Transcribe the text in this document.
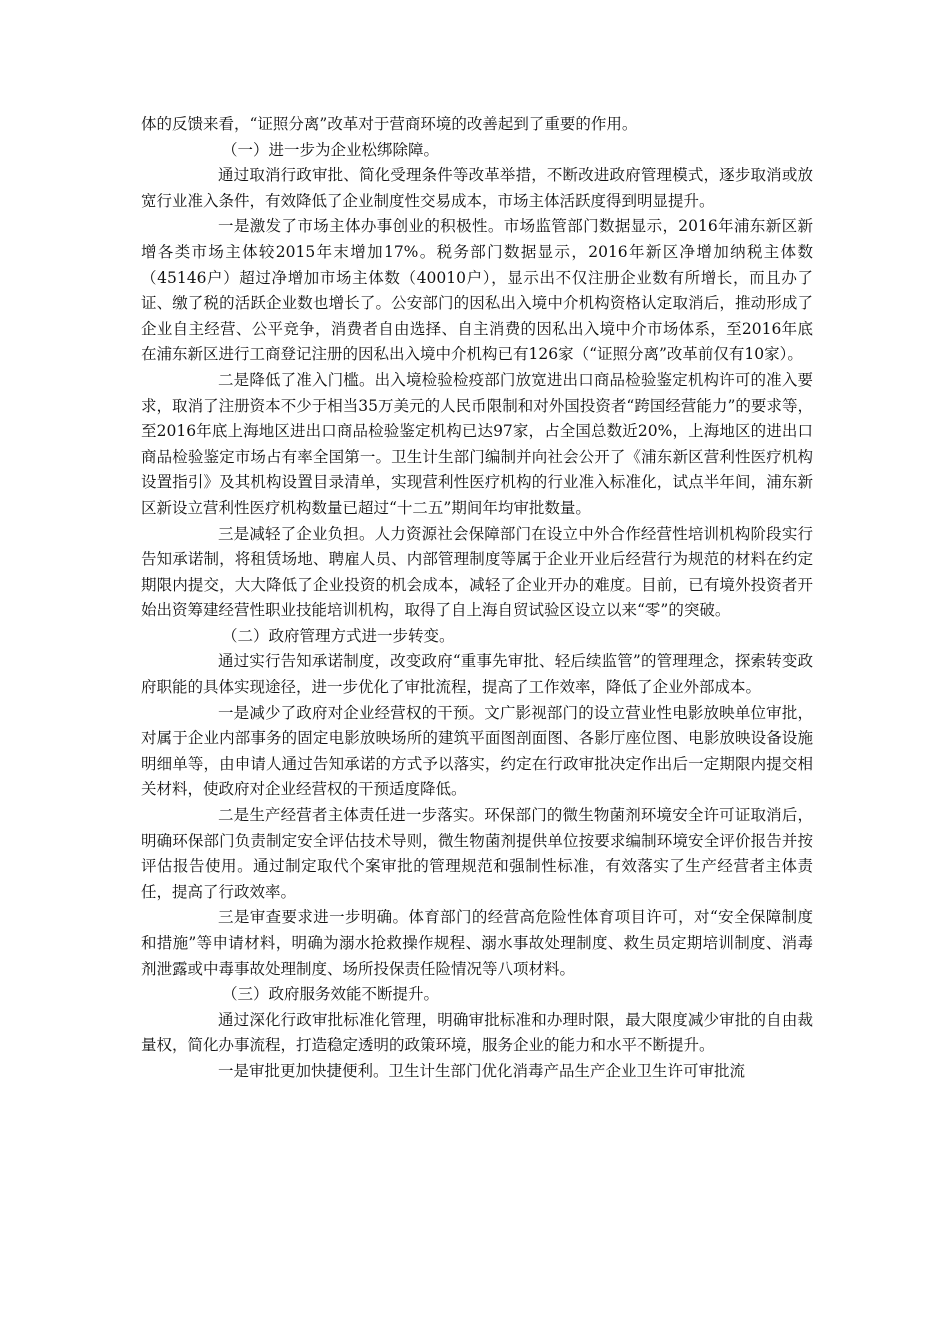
体的反馈来看，“证照分离”改革对于营商环境的改善起到了重要的作用。

（一）进一步为企业松绑除障。

通过取消行政审批、简化受理条件等改革举措，不断改进政府管理模式，逐步取消或放宽行业准入条件，有效降低了企业制度性交易成本，市场主体活跃度得到明显提升。

一是激发了市场主体办事创业的积极性。市场监管部门数据显示，2016年浦东新区新增各类市场主体较2015年末增加17%。税务部门数据显示，2016年新区净增加纳税主体数（45146户）超过净增加市场主体数（40010户），显示出不仅注册企业数有所增长，而且办了证、缴了税的活跃企业数也增长了。公安部门的因私出入境中介机构资格认定取消后，推动形成了企业自主经营、公平竞争，消费者自由选择、自主消费的因私出入境中介市场体系，至2016年底在浦东新区进行工商登记注册的因私出入境中介机构已有126家（“证照分离”改革前仅有10家）。

二是降低了准入门槛。出入境检验检疫部门放宽进出口商品检验鉴定机构许可的准入要求，取消了注册资本不少于相当35万美元的人民币限制和对外国投资者“跨国经营能力”的要求等，至2016年底上海地区进出口商品检验鉴定机构已达97家，占全国总数近20%，上海地区的进出口商品检验鉴定市场占有率全国第一。卫生计生部门编制并向社会公开了《浦东新区营利性医疗机构设置指引》及其机构设置目录清单，实现营利性医疗机构的行业准入标准化，试点半年间，浦东新区新设立营利性医疗机构数量已超过“十二五”期间年均审批数量。

三是减轻了企业负担。人力资源社会保障部门在设立中外合作经营性培训机构阶段实行告知承诺制，将租赁场地、聘雇人员、内部管理制度等属于企业开业后经营行为规范的材料在约定期限内提交，大大降低了企业投资的机会成本，减轻了企业开办的难度。目前，已有境外投资者开始出资筹建经营性职业技能培训机构，取得了自上海自贸试验区设立以来“零”的突破。

（二）政府管理方式进一步转变。

通过实行告知承诺制度，改变政府“重事先审批、轻后续监管”的管理理念，探索转变政府职能的具体实现途径，进一步优化了审批流程，提高了工作效率，降低了企业外部成本。

一是减少了政府对企业经营权的干预。文广影视部门的设立营业性电影放映单位审批，对属于企业内部事务的固定电影放映场所的建筑平面图剖面图、各影厅座位图、电影放映设备设施明细单等，由申请人通过告知承诺的方式予以落实，约定在行政审批决定作出后一定期限内提交相关材料，使政府对企业经营权的干预适度降低。

二是生产经营者主体责任进一步落实。环保部门的微生物菌剂环境安全许可证取消后，明确环保部门负责制定安全评估技术导则，微生物菌剂提供单位按要求编制环境安全评价报告并按评估报告使用。通过制定取代个案审批的管理规范和强制性标准，有效落实了生产经营者主体责任，提高了行政效率。

三是审查要求进一步明确。体育部门的经营高危险性体育项目许可，对“安全保障制度和措施”等申请材料，明确为溺水抢救操作规程、溺水事故处理制度、救生员定期培训制度、消毒剂泄露或中毒事故处理制度、场所投保责任险情况等八项材料。

（三）政府服务效能不断提升。

通过深化行政审批标准化管理，明确审批标准和办理时限，最大限度减少审批的自由裁量权，简化办事流程，打造稳定透明的政策环境，服务企业的能力和水平不断提升。

一是审批更加快捷便利。卫生计生部门优化消毒产品生产企业卫生许可审批流
